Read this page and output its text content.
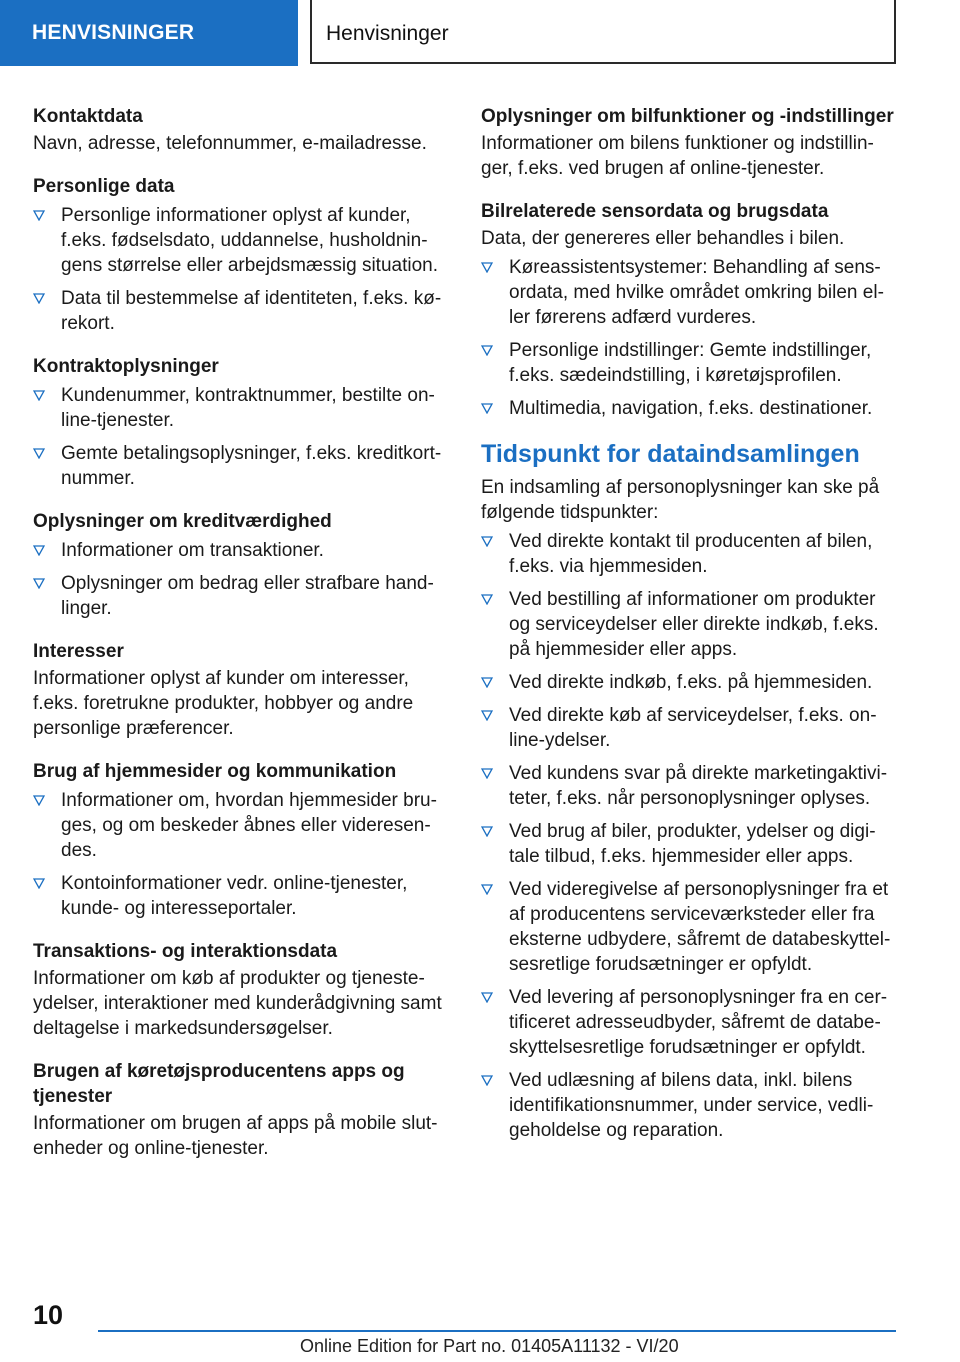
HENVISNINGER	Henvisninger
Kontaktdata
Navn, adresse, telefonnummer, e-mailadresse.
Personlige data
Personlige informationer oplyst af kunder, f.eks. fødselsdato, uddannelse, husholdningens størrelse eller arbejdsmæssig situation.
Data til bestemmelse af identiteten, f.eks. kørekort.
Kontraktoplysninger
Kundenummer, kontraktnummer, bestilte online-tjenester.
Gemte betalingsoplysninger, f.eks. kreditkortnummer.
Oplysninger om kreditværdighed
Informationer om transaktioner.
Oplysninger om bedrag eller strafbare handlinger.
Interesser
Informationer oplyst af kunder om interesser, f.eks. foretrukne produkter, hobbyer og andre personlige præferencer.
Brug af hjemmesider og kommunikation
Informationer om, hvordan hjemmesider bruges, og om beskeder åbnes eller videresendes.
Kontoinformationer vedr. online-tjenester, kunde- og interesseportaler.
Transaktions- og interaktionsdata
Informationer om køb af produkter og tjenesteydelser, interaktioner med kunderådgivning samt deltagelse i markedsundersøgelser.
Brugen af køretøjsproducentens apps og tjenester
Informationer om brugen af apps på mobile slutenheder og online-tjenester.
Oplysninger om bilfunktioner og -indstillinger
Informationer om bilens funktioner og indstillinger, f.eks. ved brugen af online-tjenester.
Bilrelaterede sensordata og brugsdata
Data, der genereres eller behandles i bilen.
Køreassistentsystemer: Behandling af sensordata, med hvilke området omkring bilen eller førerens adfærd vurderes.
Personlige indstillinger: Gemte indstillinger, f.eks. sædeindstilling, i køretøjsprofilen.
Multimedia, navigation, f.eks. destinationer.
Tidspunkt for dataindsamlingen
En indsamling af personoplysninger kan ske på følgende tidspunkter:
Ved direkte kontakt til producenten af bilen, f.eks. via hjemmesiden.
Ved bestilling af informationer om produkter og serviceydelser eller direkte indkøb, f.eks. på hjemmesider eller apps.
Ved direkte indkøb, f.eks. på hjemmesiden.
Ved direkte køb af serviceydelser, f.eks. online-ydelser.
Ved kundens svar på direkte marketingaktiviteter, f.eks. når personoplysninger oplyses.
Ved brug af biler, produkter, ydelser og digitale tilbud, f.eks. hjemmesider eller apps.
Ved videregivelse af personoplysninger fra et af producentens serviceværksteder eller fra eksterne udbydere, såfremt de databeskyttelsesretlige forudsætninger er opfyldt.
Ved levering af personoplysninger fra en certificeret adresseudbyder, såfremt de databeskyttelsesretlige forudsætninger er opfyldt.
Ved udlæsning af bilens data, inkl. bilens identifikationsnummer, under service, vedligeholdelse og reparation.
10
Online Edition for Part no. 01405A11132 - VI/20
